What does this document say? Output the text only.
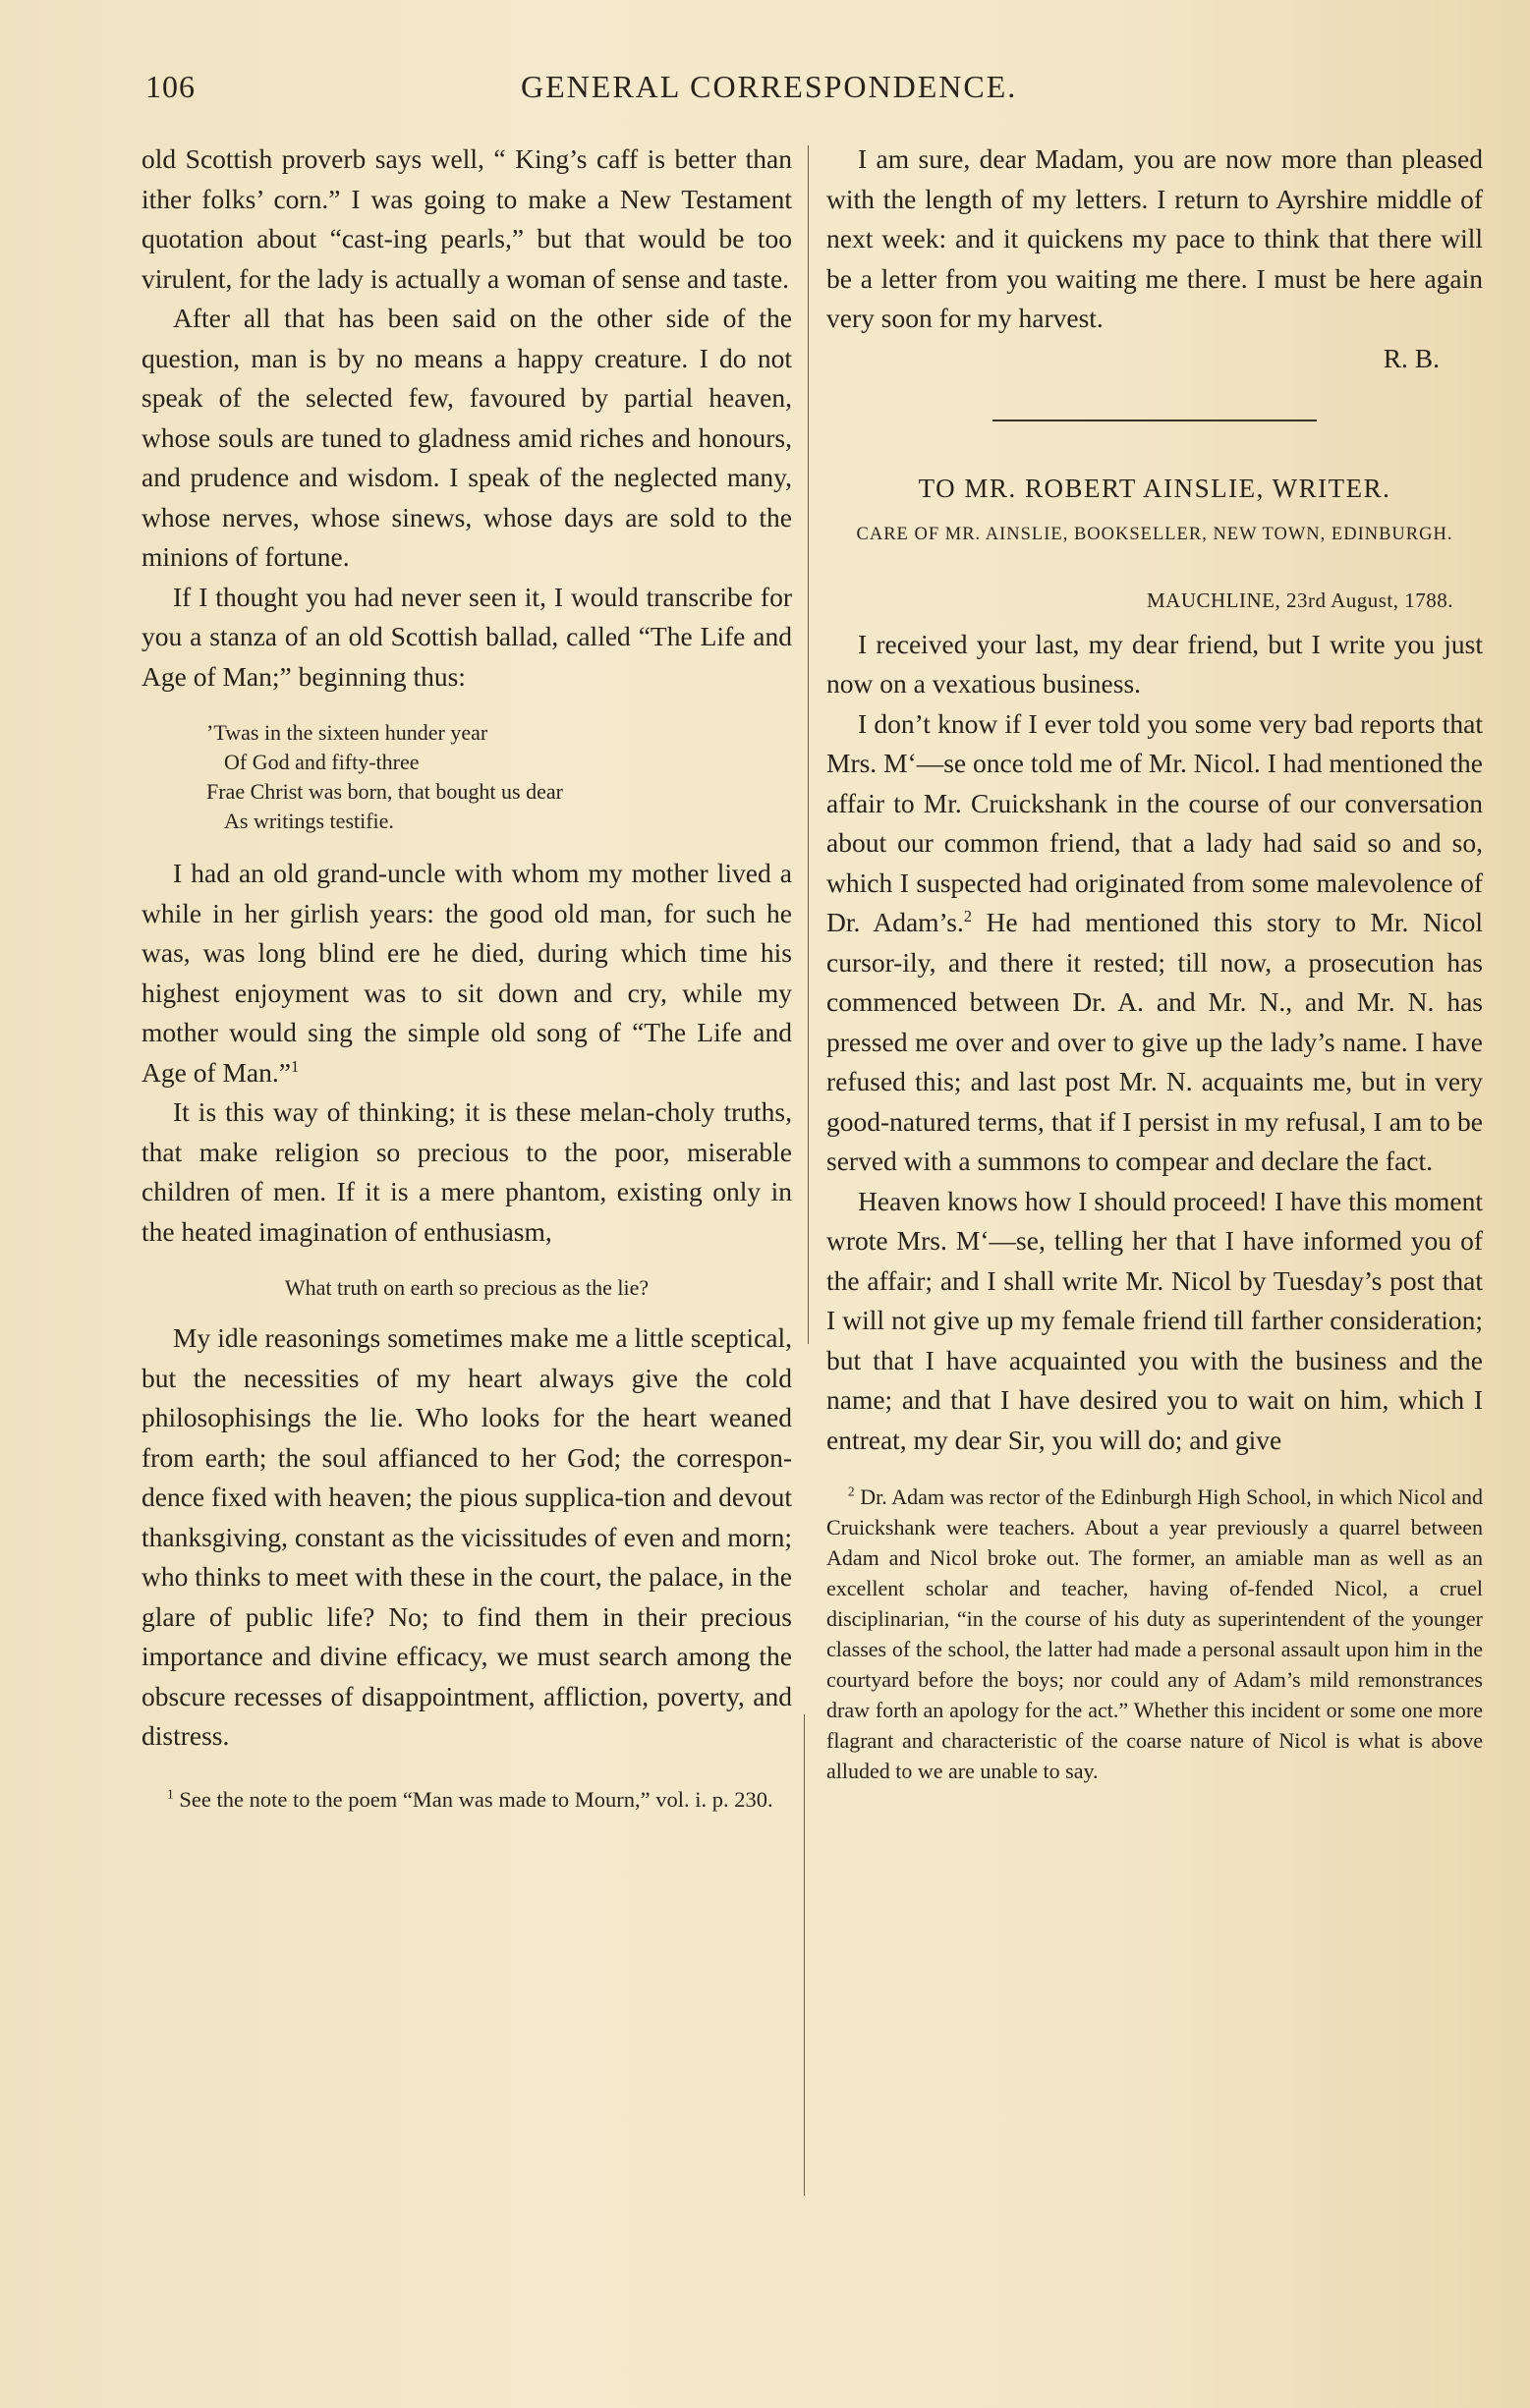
106	GENERAL CORRESPONDENCE.

old Scottish proverb says well, “ King’s caff is better than ither folks’ corn.” I was going to make a New Testament quotation about “cast-ing pearls,” but that would be too virulent, for the lady is actually a woman of sense and taste.

After all that has been said on the other side of the question, man is by no means a happy creature. I do not speak of the selected few, favoured by partial heaven, whose souls are tuned to gladness amid riches and honours, and prudence and wisdom. I speak of the neglected many, whose nerves, whose sinews, whose days are sold to the minions of fortune.

If I thought you had never seen it, I would transcribe for you a stanza of an old Scottish ballad, called “The Life and Age of Man;” beginning thus:

’Twas in the sixteen hunder year
Of God and fifty-three
Frae Christ was born, that bought us dear
As writings testifie.

I had an old grand-uncle with whom my mother lived a while in her girlish years: the good old man, for such he was, was long blind ere he died, during which time his highest enjoyment was to sit down and cry, while my mother would sing the simple old song of “The Life and Age of Man.”$^1$

It is this way of thinking; it is these melan-choly truths, that make religion so precious to the poor, miserable children of men. If it is a mere phantom, existing only in the heated imagination of enthusiasm,

What truth on earth so precious as the lie?

My idle reasonings sometimes make me a little sceptical, but the necessities of my heart always give the cold philosophisings the lie. Who looks for the heart weaned from earth; the soul affianced to her God; the correspon-dence fixed with heaven; the pious supplica-tion and devout thanksgiving, constant as the vicissitudes of even and morn; who thinks to meet with these in the court, the palace, in the glare of public life? No; to find them in their precious importance and divine efficacy, we must search among the obscure recesses of disappointment, affliction, poverty, and distress.

$^1$ See the note to the poem “Man was made to Mourn,” vol. i. p. 230.

I am sure, dear Madam, you are now more than pleased with the length of my letters. I return to Ayrshire middle of next week: and it quickens my pace to think that there will be a letter from you waiting me there. I must be here again very soon for my harvest.

R. B.
TO MR. ROBERT AINSLIE, WRITER.
CARE OF MR. AINSLIE, BOOKSELLER, NEW TOWN, EDINBURGH.
MAUCHLINE, 23rd August, 1788.

I received your last, my dear friend, but I write you just now on a vexatious business.

I don’t know if I ever told you some very bad reports that Mrs. M‘—se once told me of Mr. Nicol. I had mentioned the affair to Mr. Cruickshank in the course of our conversation about our common friend, that a lady had said so and so, which I suspected had originated from some malevolence of Dr. Adam’s.$^2$ He had mentioned this story to Mr. Nicol cursor-ily, and there it rested; till now, a prosecution has commenced between Dr. A. and Mr. N., and Mr. N. has pressed me over and over to give up the lady’s name. I have refused this; and last post Mr. N. acquaints me, but in very good-natured terms, that if I persist in my refusal, I am to be served with a summons to compear and declare the fact.

Heaven knows how I should proceed! I have this moment wrote Mrs. M‘—se, telling her that I have informed you of the affair; and I shall write Mr. Nicol by Tuesday’s post that I will not give up my female friend till farther consideration; but that I have acquainted you with the business and the name; and that I have desired you to wait on him, which I entreat, my dear Sir, you will do; and give

$^2$ Dr. Adam was rector of the Edinburgh High School, in which Nicol and Cruickshank were teachers. About a year previously a quarrel between Adam and Nicol broke out. The former, an amiable man as well as an excellent scholar and teacher, having of-fended Nicol, a cruel disciplinarian, “in the course of his duty as superintendent of the younger classes of the school, the latter had made a personal assault upon him in the courtyard before the boys; nor could any of Adam’s mild remonstrances draw forth an apology for the act.” Whether this incident or some one more flagrant and characteristic of the coarse nature of Nicol is what is above alluded to we are unable to say.
